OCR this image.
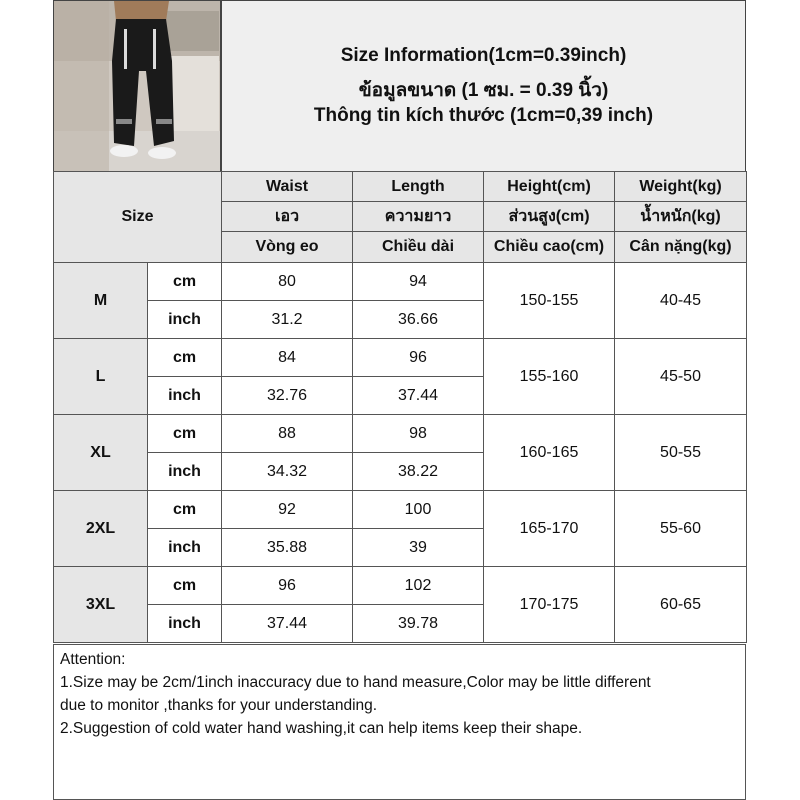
Size Information(1cm=0.39inch)
ข้อมูลขนาด (1 ซม. = 0.39 นิ้ว)
Thông tin kích thước (1cm=0,39 inch)
Size		Waist	Length	Height(cm)	Weight(kg)
		เอว	ความยาว	ส่วนสูง(cm)	น้ำหนัก(kg)
		Vòng eo	Chiều dài	Chiều cao(cm)	Cân nặng(kg)
M	cm	80	94	150-155	40-45
	inch	31.2	36.66		
L	cm	84	96	155-160	45-50
	inch	32.76	37.44		
XL	cm	88	98	160-165	50-55
	inch	34.32	38.22		
2XL	cm	92	100	165-170	55-60
	inch	35.88	39		
3XL	cm	96	102	170-175	60-65
	inch	37.44	39.78		
Attention:
1.Size may be 2cm/1inch inaccuracy due to hand measure,Color may be little different
due to monitor ,thanks for your understanding.
2.Suggestion of cold water hand washing,it can help items keep their shape.
